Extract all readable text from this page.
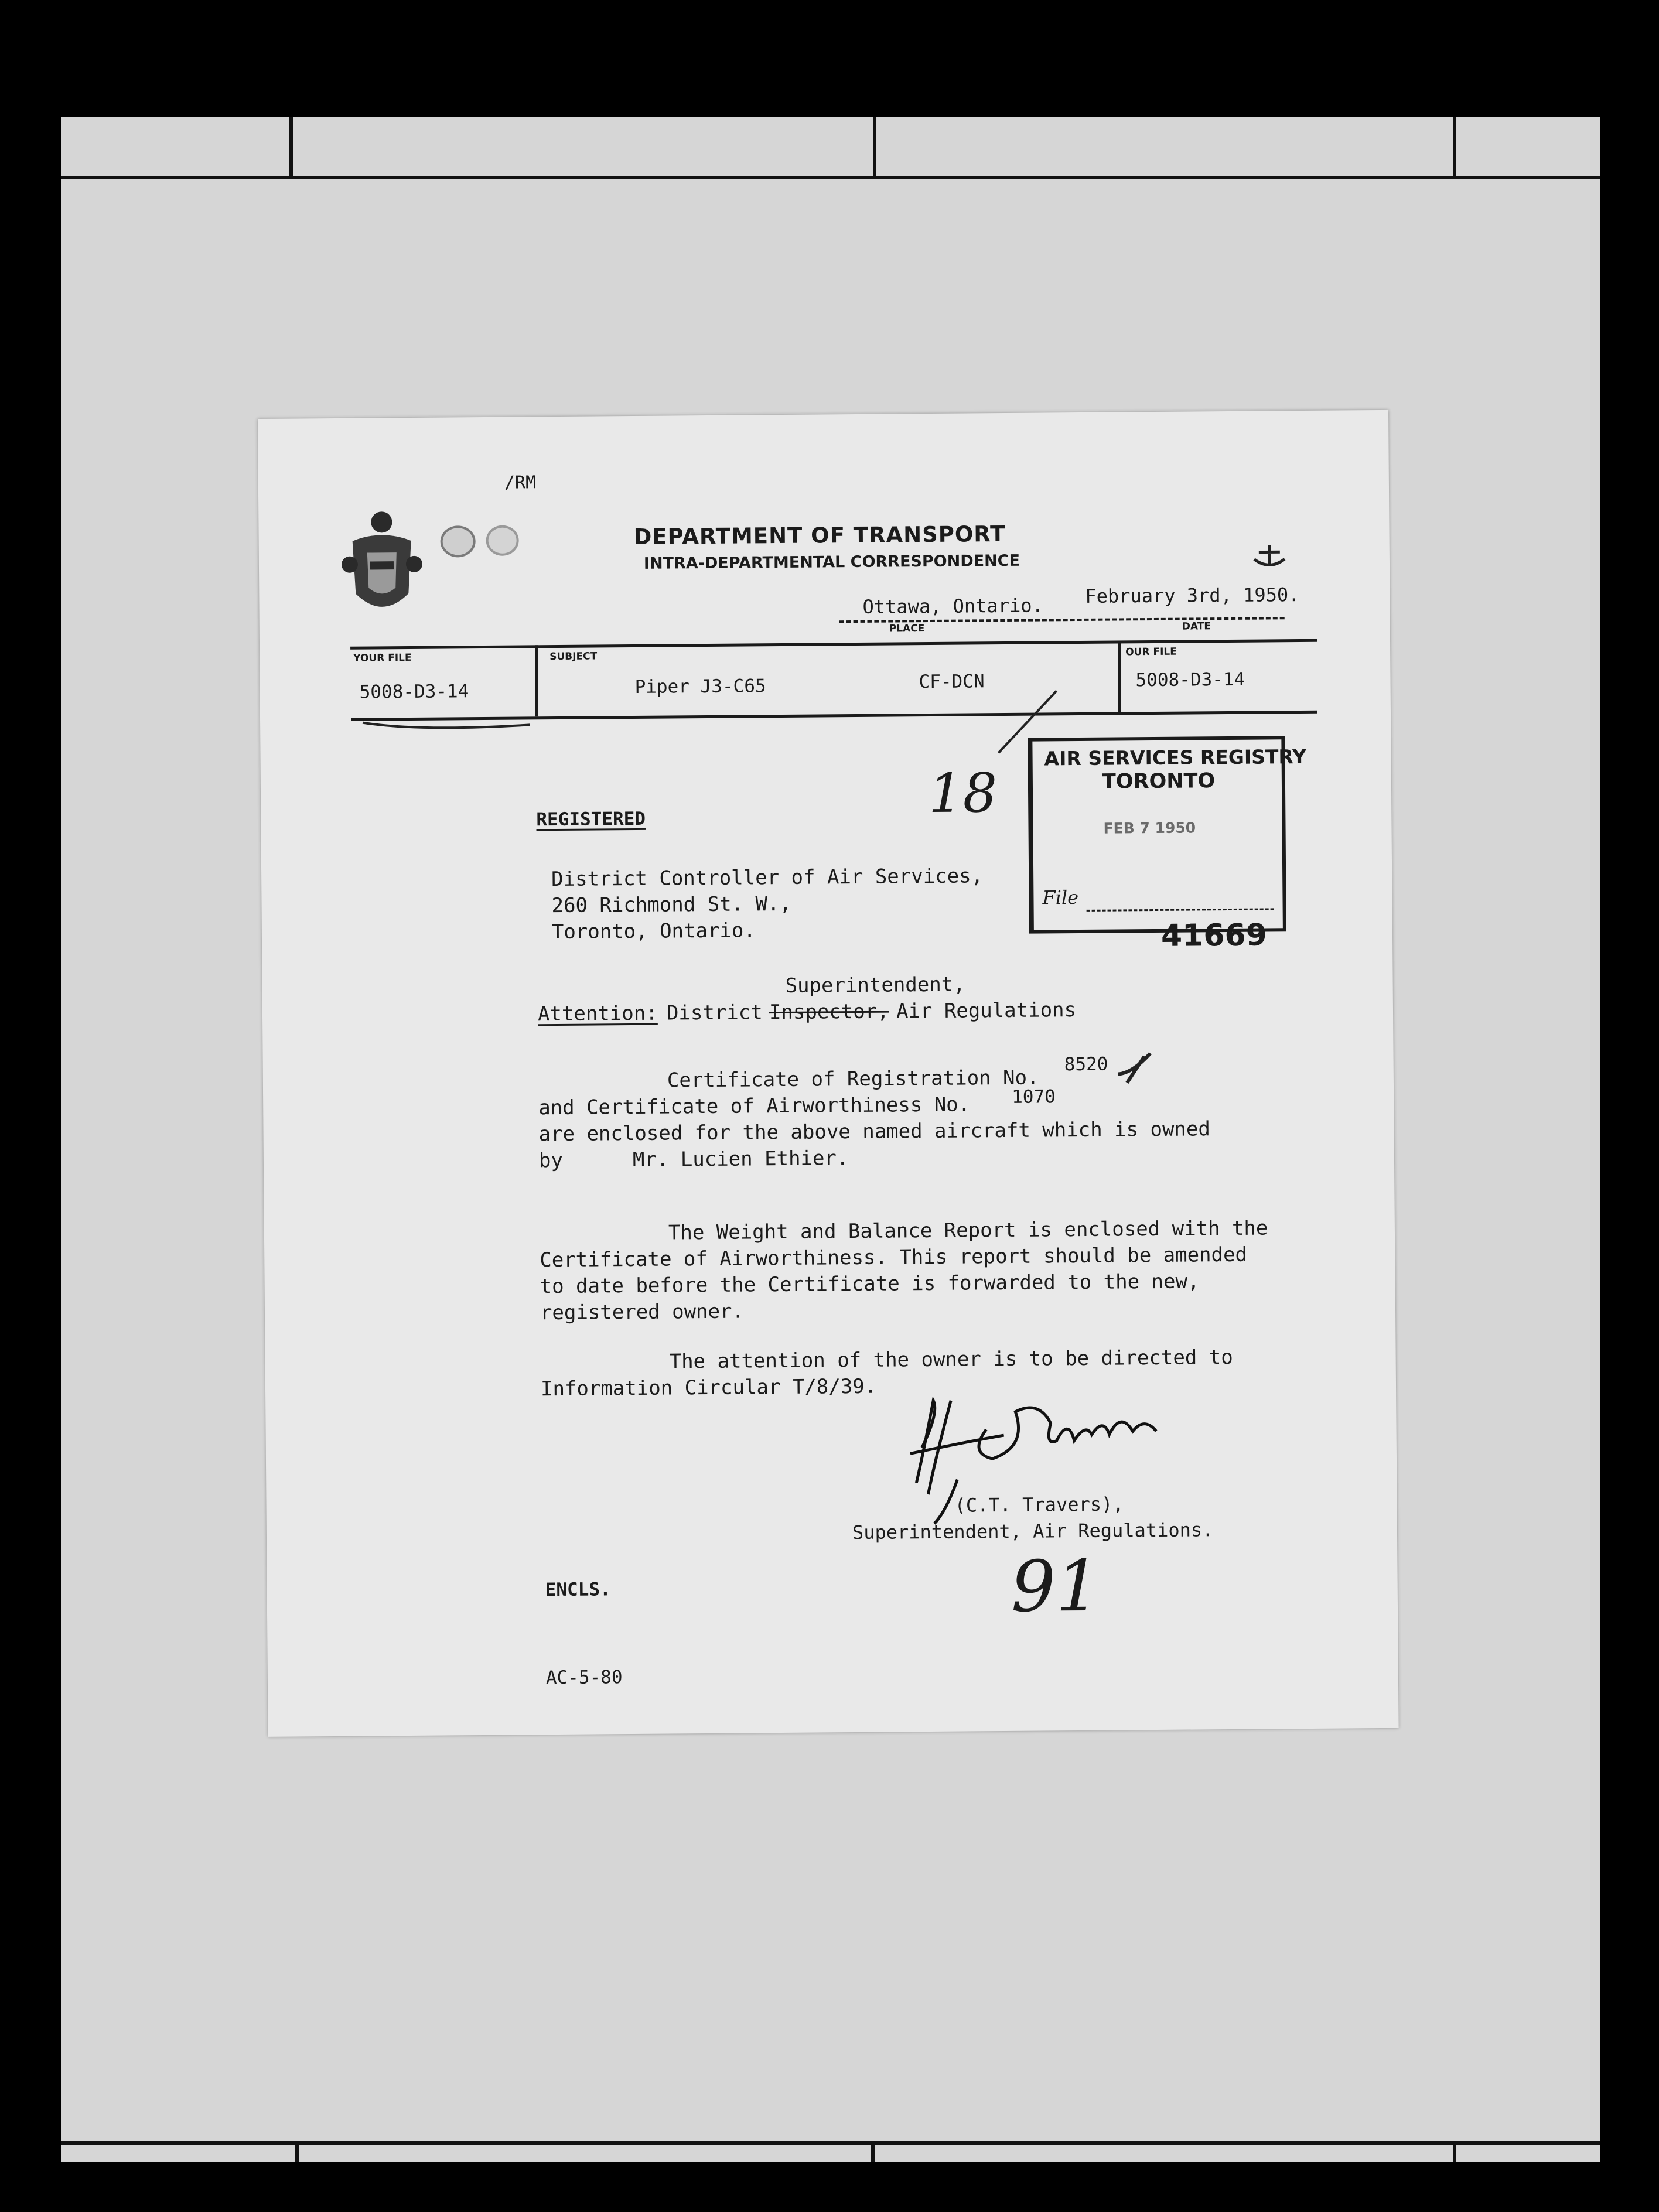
/RM
DEPARTMENT OF TRANSPORT
INTRA-DEPARTMENTAL CORRESPONDENCE
Ottawa, Ontario. February 3rd, 1950.
PLACE	DATE
YOUR FILE
5008-D3-14
SUBJECT
Piper J3-C65	CF-DCN
OUR FILE
5008-D3-14
18
AIR SERVICES REGISTRY
TORONTO
FEB 7 1950
File
41669
REGISTERED
District Controller of Air Services,
260 Richmond St. W.,
Toronto, Ontario.
Superintendent,
Attention: District Inspector, Air Regulations
Certificate of Registration No.
8520
and Certificate of Airworthiness No. 1070
are enclosed for the above named aircraft which is owned
by	Mr. Lucien Ethier.
The Weight and Balance Report is enclosed with the
Certificate of Airworthiness. This report should be amended
to date before the Certificate is forwarded to the new,
registered owner.
The attention of the owner is to be directed to
Information Circular T/8/39.
(C.T. Travers),
Superintendent, Air Regulations.
ENCLS.	91
AC-5-80
